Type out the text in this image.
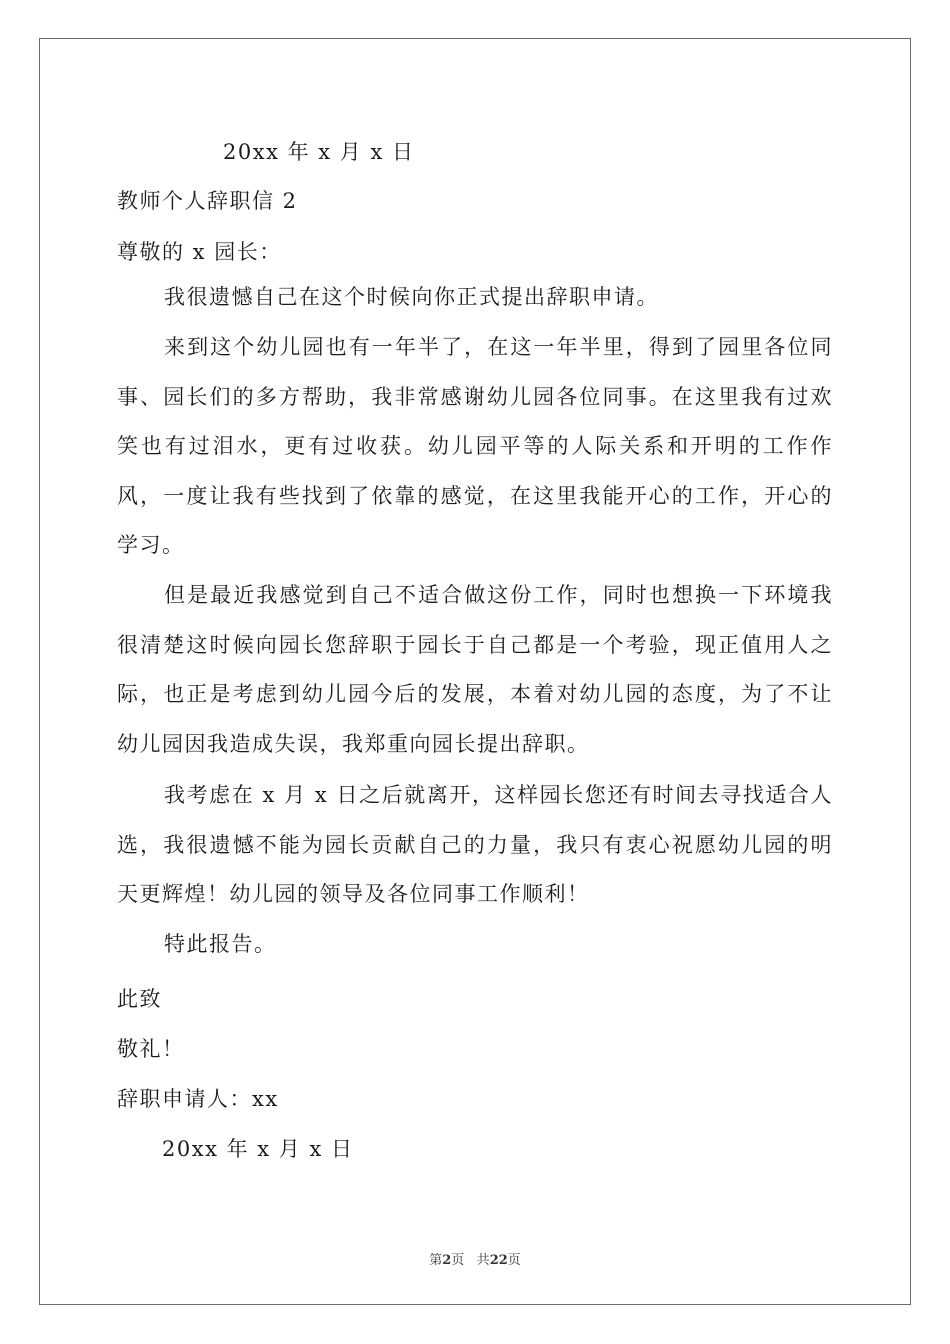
20xx 年 x 月 x 日
教师个人辞职信 2
尊敬的 x 园长：
我很遗憾自己在这个时候向你正式提出辞职申请。
来到这个幼儿园也有一年半了，在这一年半里，得到了园里各位同事、园长们的多方帮助，我非常感谢幼儿园各位同事。在这里我有过欢笑也有过泪水，更有过收获。幼儿园平等的人际关系和开明的工作作风，一度让我有些找到了依靠的感觉，在这里我能开心的工作，开心的学习。
但是最近我感觉到自己不适合做这份工作，同时也想换一下环境我很清楚这时候向园长您辞职于园长于自己都是一个考验，现正值用人之际，也正是考虑到幼儿园今后的发展，本着对幼儿园的态度，为了不让幼儿园因我造成失误，我郑重向园长提出辞职。
我考虑在 x 月 x 日之后就离开，这样园长您还有时间去寻找适合人选，我很遗憾不能为园长贡献自己的力量，我只有衷心祝愿幼儿园的明天更辉煌！幼儿园的领导及各位同事工作顺利！
特此报告。
此致
敬礼！
辞职申请人：xx
20xx 年 x 月 x 日
第2页 共22页
